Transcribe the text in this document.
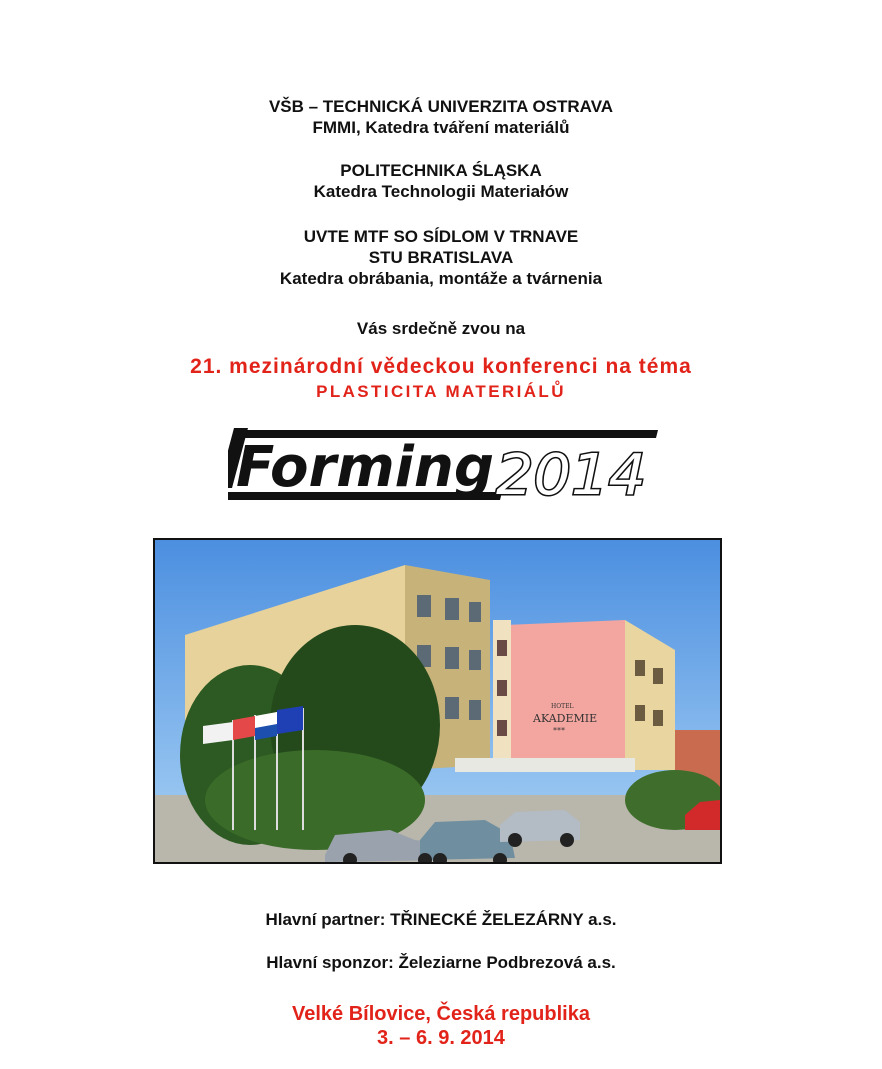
VŠB – TECHNICKÁ UNIVERZITA OSTRAVA
FMMI, Katedra tváření materiálů
POLITECHNIKA ŚLĄSKA
Katedra Technologii Materiałów
UVTE MTF SO SÍDLOM V TRNAVE
STU BRATISLAVA
Katedra obrábania, montáže a tvárnenia
Vás srdečně zvou na
21. mezinárodní vědeckou konferenci na téma
PLASTICITA MATERIÁLŮ
Forming 2014
HOTEL
AKADEMIE
***
Hlavní partner: TŘINECKÉ ŽELEZÁRNY a.s.
Hlavní sponzor: Železiarne Podbrezová a.s.
Velké Bílovice, Česká republika
3. – 6. 9. 2014
